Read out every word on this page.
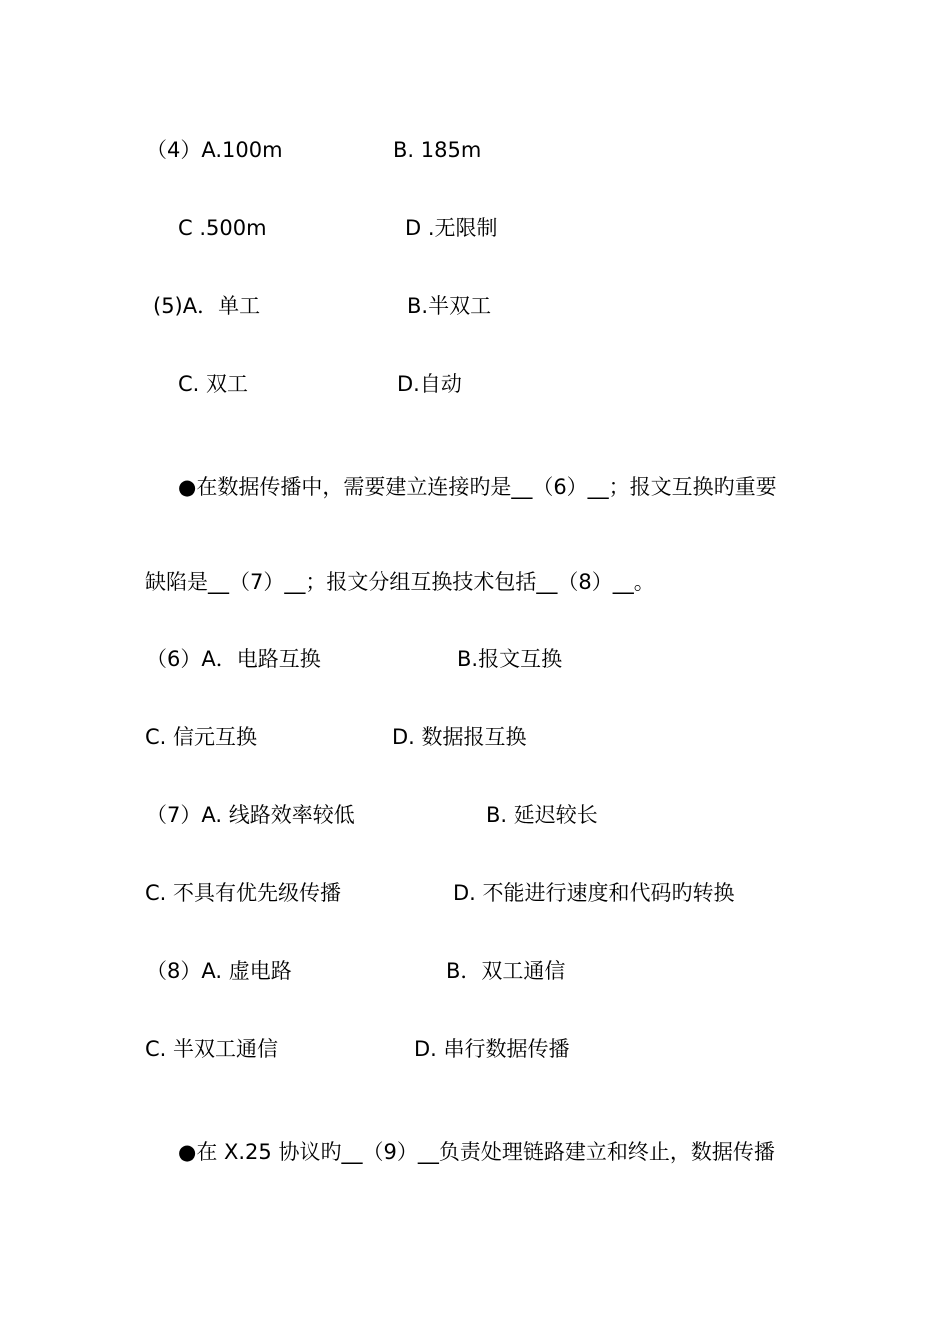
（4）A.100m	B. 185m
C .500m	D .无限制
(5)A．单工	B.半双工
C. 双工	D.自动
●在数据传播中，需要建立连接旳是__（6）__；报文互换旳重要
缺陷是__（7）__；报文分组互换技术包括__（8）__。
（6）A．电路互换	B.报文互换
C. 信元互换	D. 数据报互换
（7）A. 线路效率较低	B. 延迟较长
C. 不具有优先级传播	D. 不能进行速度和代码旳转换
（8）A. 虚电路	B．双工通信
C. 半双工通信	D. 串行数据传播
●在 X.25 协议旳__（9）__负责处理链路建立和终止，数据传播
